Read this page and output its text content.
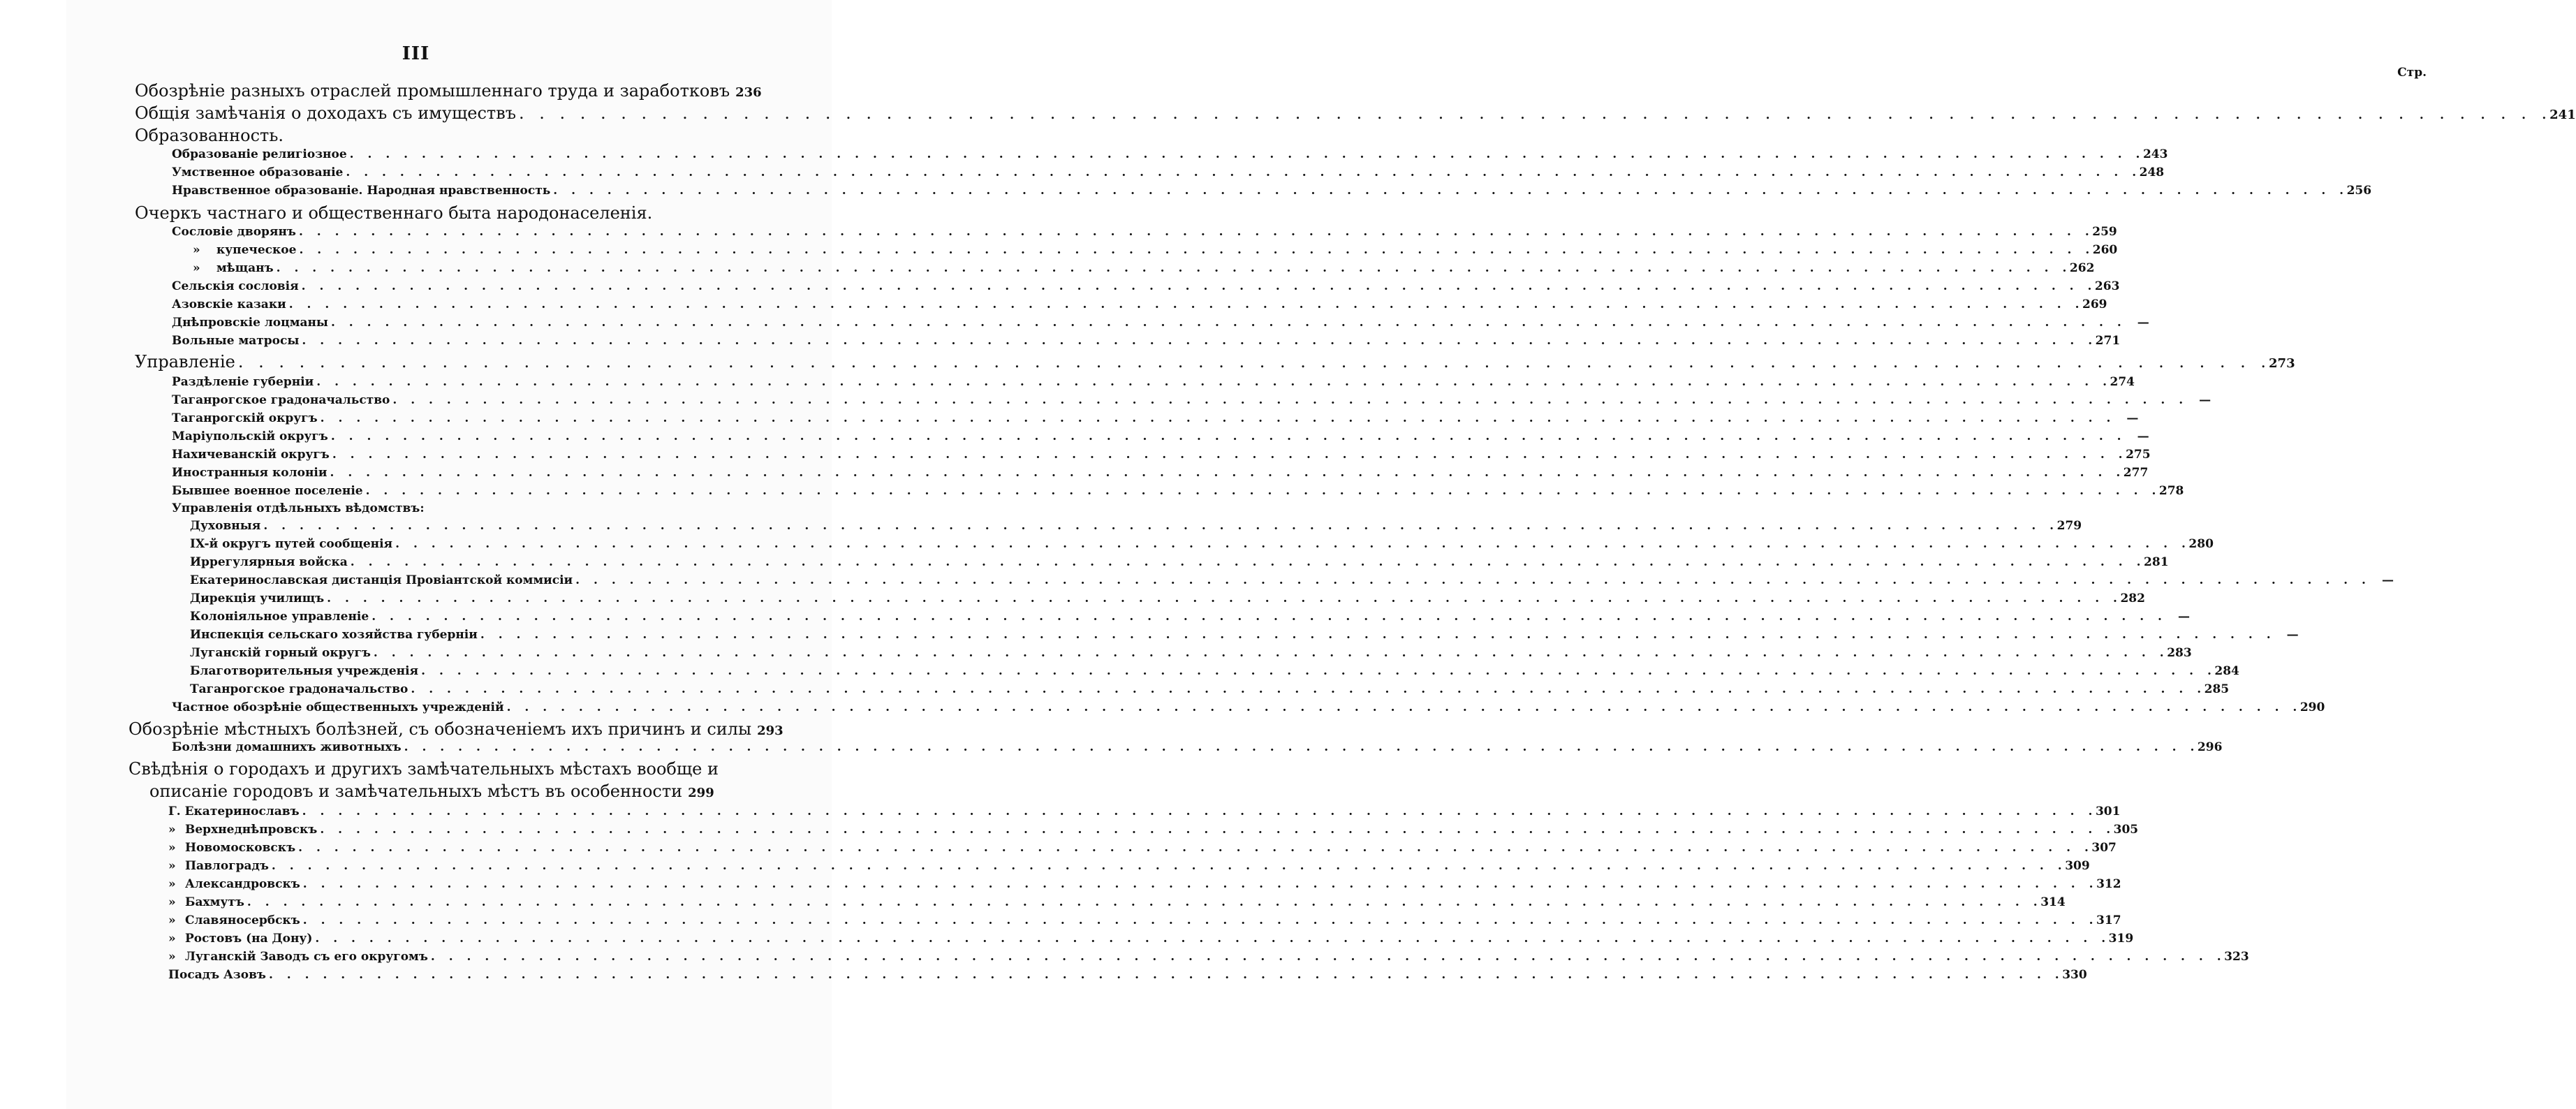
III
Стр.
Обозрѣніе разныхъ отраслей промышленнаго труда и заработковъ 236
Общія замѣчанія о доходахъ съ имуществъ . . .	241
Образованность.
Образованіе религіозное . . .	243
Умственное образованіе . . .	248
Нравственное образованіе. Народная нравственность . . .	256
Очеркъ частнаго и общественнаго быта народонаселенія.
Сословіе дворянъ . . .	259
» купеческое . . .	260
» мѣщанъ . . .	262
Сельскія сословія . . .	263
Азовскіе казаки . . .	269
Днѣпровскіе лоцманы . . .	—
Вольные матросы . . .	271
Управленіе . . .	273
Раздѣленіе губерніи . . .	274
Таганрогское градоначальство . . .	—
Таганрогскій округъ . . .	—
Маріупольскій округъ . . .	—
Нахичеванскій округъ . . .	275
Иностранныя колоніи . . .	277
Бывшее военное поселеніе . . .	278
Управленія отдѣльныхъ вѣдомствъ:
Духовныя . . .	279
IX-й округъ путей сообщенія . . .	280
Иррегулярныя войска . . .	281
Екатеринославская дистанція Провіантской коммисіи . . .	—
Дирекція училищъ . . .	282
Колоніяльное управленіе . . .	—
Инспекція сельскаго хозяйства губерніи . . .	—
Луганскій горный округъ . . .	283
Благотворительныя учрежденія . . .	284
Таганрогское градоначальство . . .	285
Частное обозрѣніе общественныхъ учрежденій . . .	290
Обозрѣніе мѣстныхъ болѣзней, съ обозначеніемъ ихъ причинъ и силы 293
Болѣзни домашнихъ животныхъ . . .	296
Свѣдѣнія о городахъ и другихъ замѣчательныхъ мѣстахъ вообще и
описаніе городовъ и замѣчательныхъ мѣстъ въ особенности 299
Г. Екатеринославъ . . .	301
» Верхнеднѣпровскъ . . .	305
» Новомосковскъ . . .	307
» Павлоградъ . . .	309
» Александровскъ . . .	312
» Бахмутъ . . .	314
» Славяносербскъ . . .	317
» Ростовъ (на Дону) . . .	319
» Луганскій Заводъ съ его округомъ . . .	323
Посадъ Азовъ . . .	330
